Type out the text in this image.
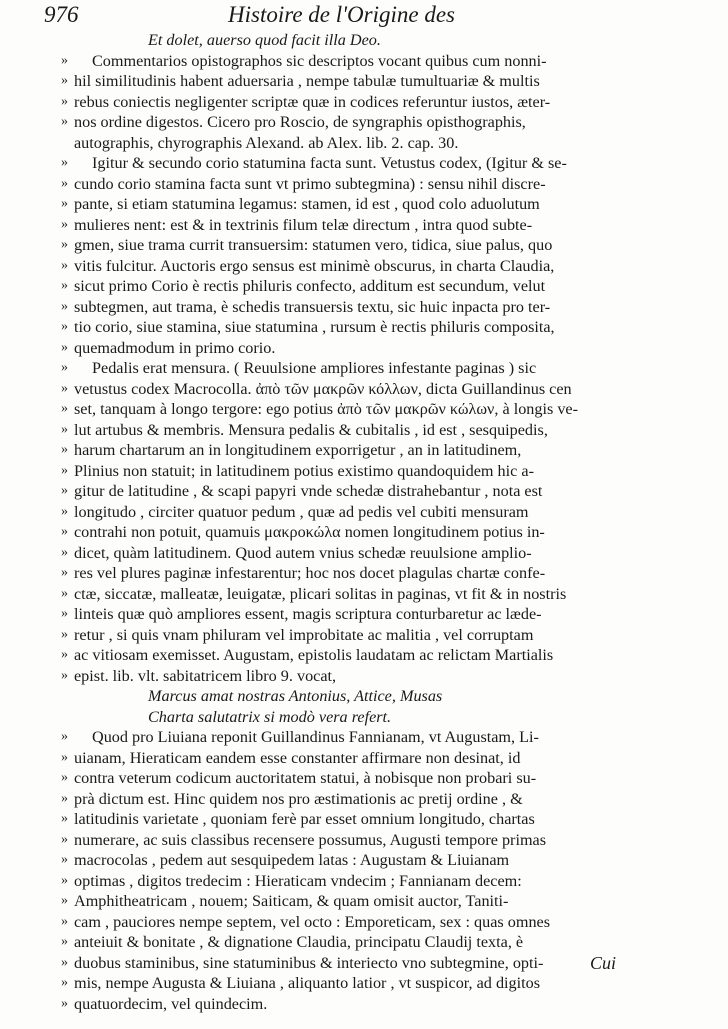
976	Histoire de l'Origine des
Et dolet, auerso quod facit illa Deo.
» Commentarios opistographos sic descriptos vocant quibus cum nonni-
» hil similitudinis habent aduersaria , nempe tabulæ tumultuariæ & multis
» rebus coniectis negligenter scriptæ quæ in codices referuntur iustos, æter-
» nos ordine digestos. Cicero pro Roscio, de syngraphis opisthographis,
autographis, chyrographis Alexand. ab Alex. lib. 2. cap. 30.
» Igitur & secundo corio statumina facta sunt. Vetustus codex, (Igitur & se-
» cundo corio stamina facta sunt vt primo subtegmina) : sensu nihil discre-
» pante, si etiam statumina legamus: stamen, id est , quod colo aduolutum
» mulieres nent: est & in textrinis filum telæ directum , intra quod subte-
» gmen, siue trama currit transuersim: statumen vero, tidica, siue palus, quo
» vitis fulcitur. Auctoris ergo sensus est minimè obscurus, in charta Claudia,
» sicut primo Corio è rectis philuris confecto, additum est secundum, velut
» subtegmen, aut trama, è schedis transuersis textu, sic huic inpacta pro ter-
» tio corio, siue stamina, siue statumina , rursum è rectis philuris composita,
» quemadmodum in primo corio.
» Pedalis erat mensura. ( Reuulsione ampliores infestante paginas ) sic
» vetustus codex Macrocolla. ἀπὸ τῶν μακρῶν κόλλων, dicta Guillandinus cen
» set, tanquam à longo tergore: ego potius ἀπὸ τῶν μακρῶν κώλων, à longis ve-
» lut artubus & membris. Mensura pedalis & cubitalis , id est , sesquipedis,
» harum chartarum an in longitudinem exporrigetur , an in latitudinem,
» Plinius non statuit; in latitudinem potius existimo quandoquidem hic a-
» gitur de latitudine , & scapi papyri vnde schedæ distrahebantur , nota est
» longitudo , circiter quatuor pedum , quæ ad pedis vel cubiti mensuram
» contrahi non potuit, quamuis μακροκώλα nomen longitudinem potius in-
» dicet, quàm latitudinem. Quod autem vnius schedæ reuulsione amplio-
» res vel plures paginæ infestarentur; hoc nos docet plagulas chartæ confe-
» ctæ, siccatæ, malleatæ, leuigatæ, plicari solitas in paginas, vt fit & in nostris
» linteis quæ quò ampliores essent, magis scriptura conturbaretur ac læde-
» retur , si quis vnam philuram vel improbitate ac malitia , vel corruptam
» ac vitiosam exemisset. Augustam, epistolis laudatam ac relictam Martialis
» epist. lib. vlt. sabitatricem libro 9. vocat,
Marcus amat nostras Antonius, Attice, Musas
Charta salutatrix si modò vera refert.
» Quod pro Liuiana reponit Guillandinus Fannianam, vt Augustam, Li-
» uianam, Hieraticam eandem esse constanter affirmare non desinat, id
» contra veterum codicum auctoritatem statui, à nobisque non probari su-
» prà dictum est. Hinc quidem nos pro æstimationis ac pretij ordine , &
» latitudinis varietate , quoniam ferè par esset omnium longitudo, chartas
» numerare, ac suis classibus recensere possumus, Augusti tempore primas
» macrocolas , pedem aut sesquipedem latas : Augustam & Liuianam
» optimas , digitos tredecim : Hieraticam vndecim ; Fannianam decem:
» Amphitheatricam , nouem; Saiticam, & quam omisit auctor, Taniti-
» cam , pauciores nempe septem, vel octo : Emporeticam, sex : quas omnes
» anteiuit & bonitate , & dignatione Claudia, principatu Claudij texta, è
» duobus staminibus, sine statuminibus & interiecto vno subtegmine, opti-
» mis, nempe Augusta & Liuiana , aliquanto latior , vt suspicor, ad digitos
» quatuordecim, vel quindecim.
Cui
